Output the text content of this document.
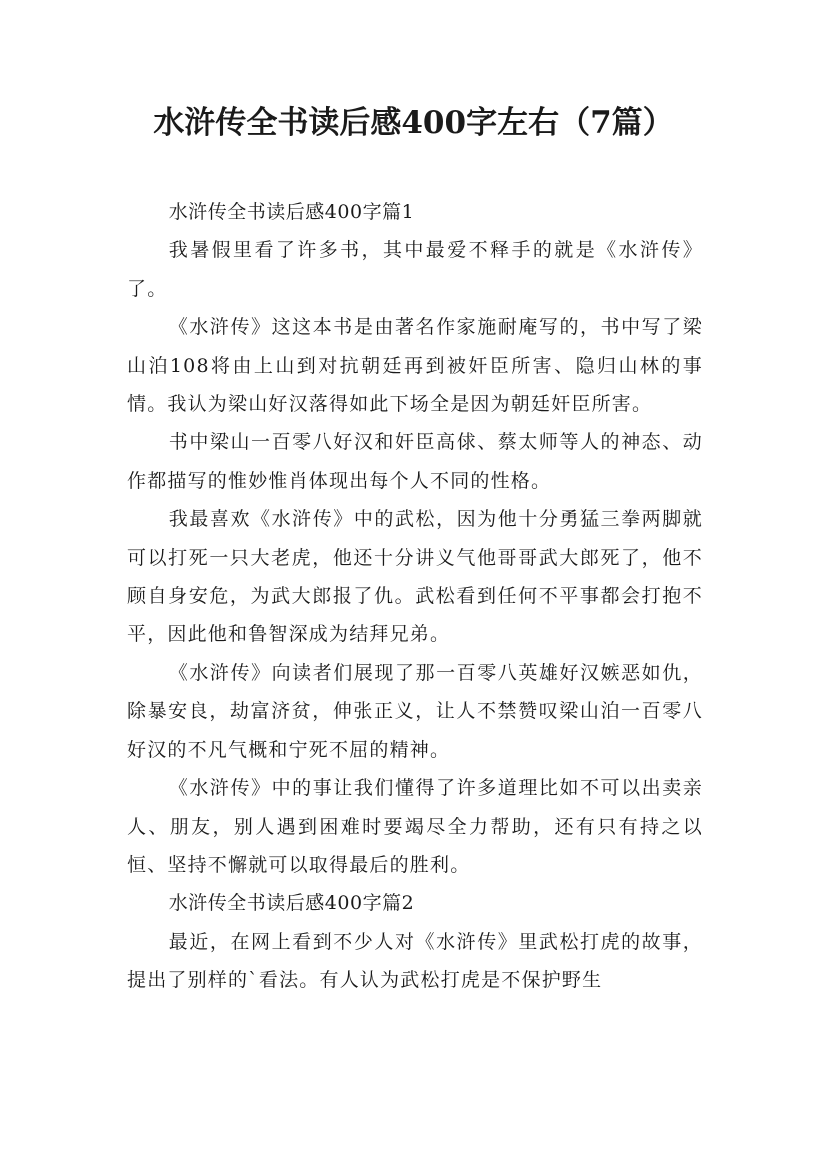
水浒传全书读后感400字左右（7篇）

水浒传全书读后感400字篇1

我暑假里看了许多书，其中最爱不释手的就是《水浒传》了。

《水浒传》这这本书是由著名作家施耐庵写的，书中写了梁山泊108将由上山到对抗朝廷再到被奸臣所害、隐归山林的事情。我认为梁山好汉落得如此下场全是因为朝廷奸臣所害。

书中梁山一百零八好汉和奸臣高俅、蔡太师等人的神态、动作都描写的惟妙惟肖体现出每个人不同的性格。

我最喜欢《水浒传》中的武松，因为他十分勇猛三拳两脚就可以打死一只大老虎，他还十分讲义气他哥哥武大郎死了，他不顾自身安危，为武大郎报了仇。武松看到任何不平事都会打抱不平，因此他和鲁智深成为结拜兄弟。

《水浒传》向读者们展现了那一百零八英雄好汉嫉恶如仇，除暴安良，劫富济贫，伸张正义，让人不禁赞叹梁山泊一百零八好汉的不凡气概和宁死不屈的精神。

《水浒传》中的事让我们懂得了许多道理比如不可以出卖亲人、朋友，别人遇到困难时要竭尽全力帮助，还有只有持之以恒、坚持不懈就可以取得最后的胜利。

水浒传全书读后感400字篇2

最近，在网上看到不少人对《水浒传》里武松打虎的故事，提出了别样的`看法。有人认为武松打虎是不保护野生
